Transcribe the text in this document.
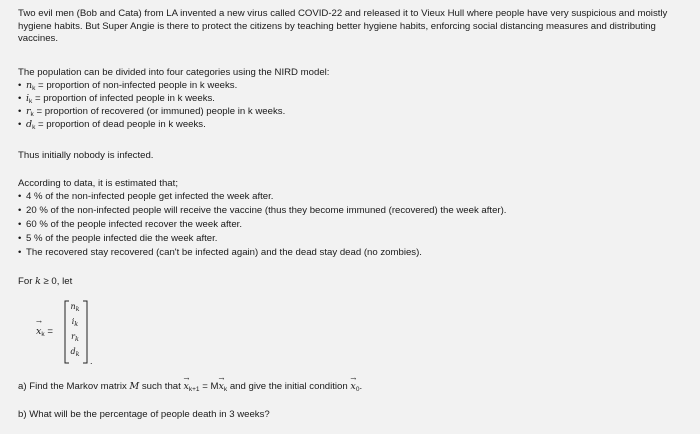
Two evil men (Bob and Cata) from LA invented a new virus called COVID-22 and released it to Vieux Hull where people have very suspicious and moistly hygiene habits. But Super Angie is there to protect the citizens by teaching better hygiene habits, enforcing social distancing measures and distributing vaccines.
The population can be divided into four categories using the NIRD model:
• $n_k$ = proportion of non-infected people in k weeks.
• $i_k$ = proportion of infected people in k weeks.
• $r_k$ = proportion of recovered (or immuned) people in k weeks.
• $d_k$ = proportion of dead people in k weeks.
Thus initially nobody is infected.
According to data, it is estimated that;
• 4 % of the non-infected people get infected the week after.
• 20 % of the non-infected people will receive the vaccine (thus they become immuned (recovered) the week after).
• 60 % of the people infected recover the week after.
• 5 % of the people infected die the week after.
• The recovered stay recovered (can't be infected again) and the dead stay dead (no zombies).
For k ≥ 0, let
→ $x_k$ =
$n_k$
$i_k$
$r_k$
$d_k$
.
a) Find the Markov matrix M such that → $x_{k+1} = M\to x_k$ and give the initial condition → $x_0$.
b) What will be the percentage of people death in 3 weeks?
